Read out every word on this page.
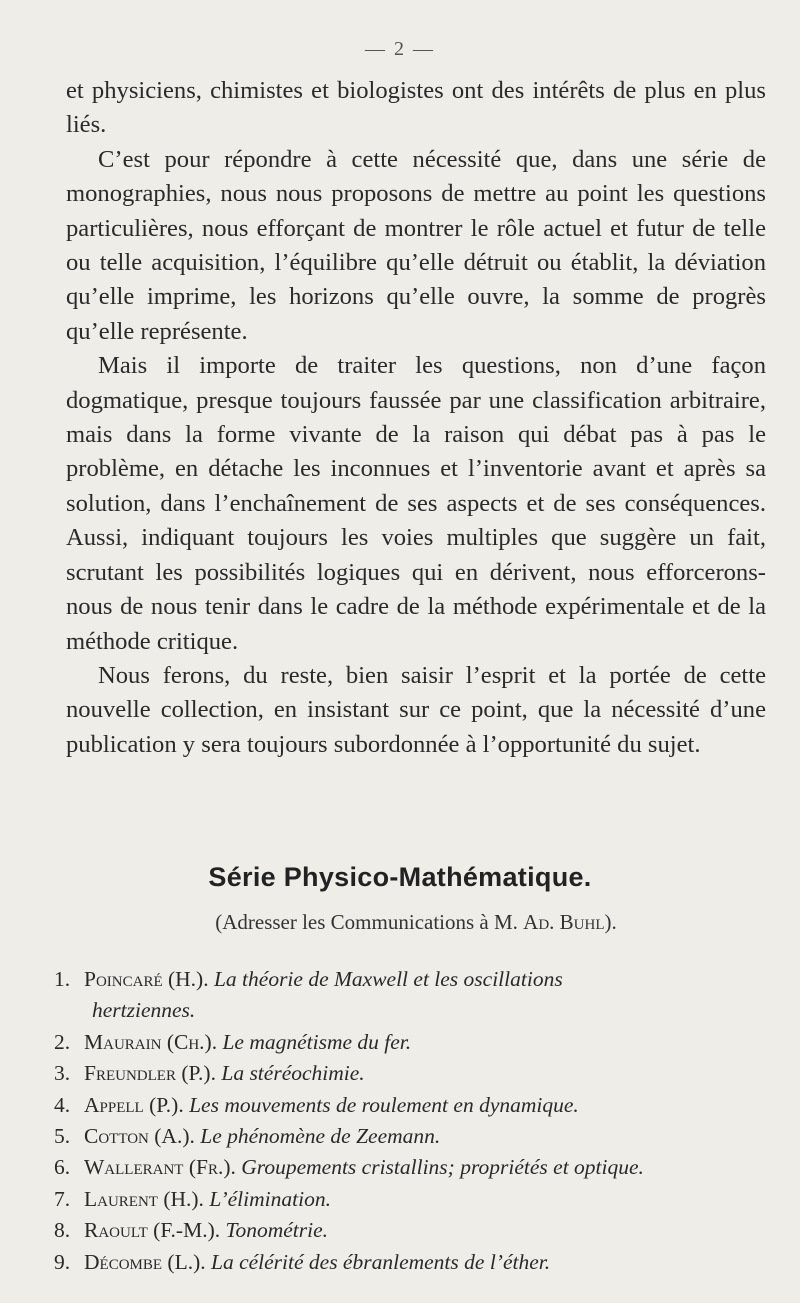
— 2 —

et physiciens, chimistes et biologistes ont des intérêts de plus en plus liés.

C’est pour répondre à cette nécessité que, dans une série de monographies, nous nous proposons de mettre au point les questions particulières, nous efforçant de montrer le rôle actuel et futur de telle ou telle acquisition, l’équilibre qu’elle détruit ou établit, la déviation qu’elle imprime, les horizons qu’elle ouvre, la somme de progrès qu’elle représente.

Mais il importe de traiter les questions, non d’une façon dogmatique, presque toujours faussée par une classification arbitraire, mais dans la forme vivante de la raison qui débat pas à pas le problème, en détache les inconnues et l’inventorie avant et après sa solution, dans l’enchaînement de ses aspects et de ses conséquences. Aussi, indiquant toujours les voies multiples que suggère un fait, scrutant les possibilités logiques qui en dérivent, nous efforcerons-nous de nous tenir dans le cadre de la méthode expérimentale et de la méthode critique.

Nous ferons, du reste, bien saisir l’esprit et la portée de cette nouvelle collection, en insistant sur ce point, que la nécessité d’une publication y sera toujours subordonnée à l’opportunité du sujet.

Série Physico-Mathématique.
(Adresser les Communications à M. Ad. Buhl).
1. Poincaré (H.). La théorie de Maxwell et les oscillations
hertziennes.
2. Maurain (Ch.). Le magnétisme du fer.
3. Freundler (P.). La stéréochimie.
4. Appell (P.). Les mouvements de roulement en dynamique.
5. Cotton (A.). Le phénomène de Zeemann.
6. Wallerant (Fr.). Groupements cristallins; propriétés et optique.
7. Laurent (H.). L’élimination.
8. Raoult (F.-M.). Tonométrie.
9. Décombe (L.). La célérité des ébranlements de l’éther.
